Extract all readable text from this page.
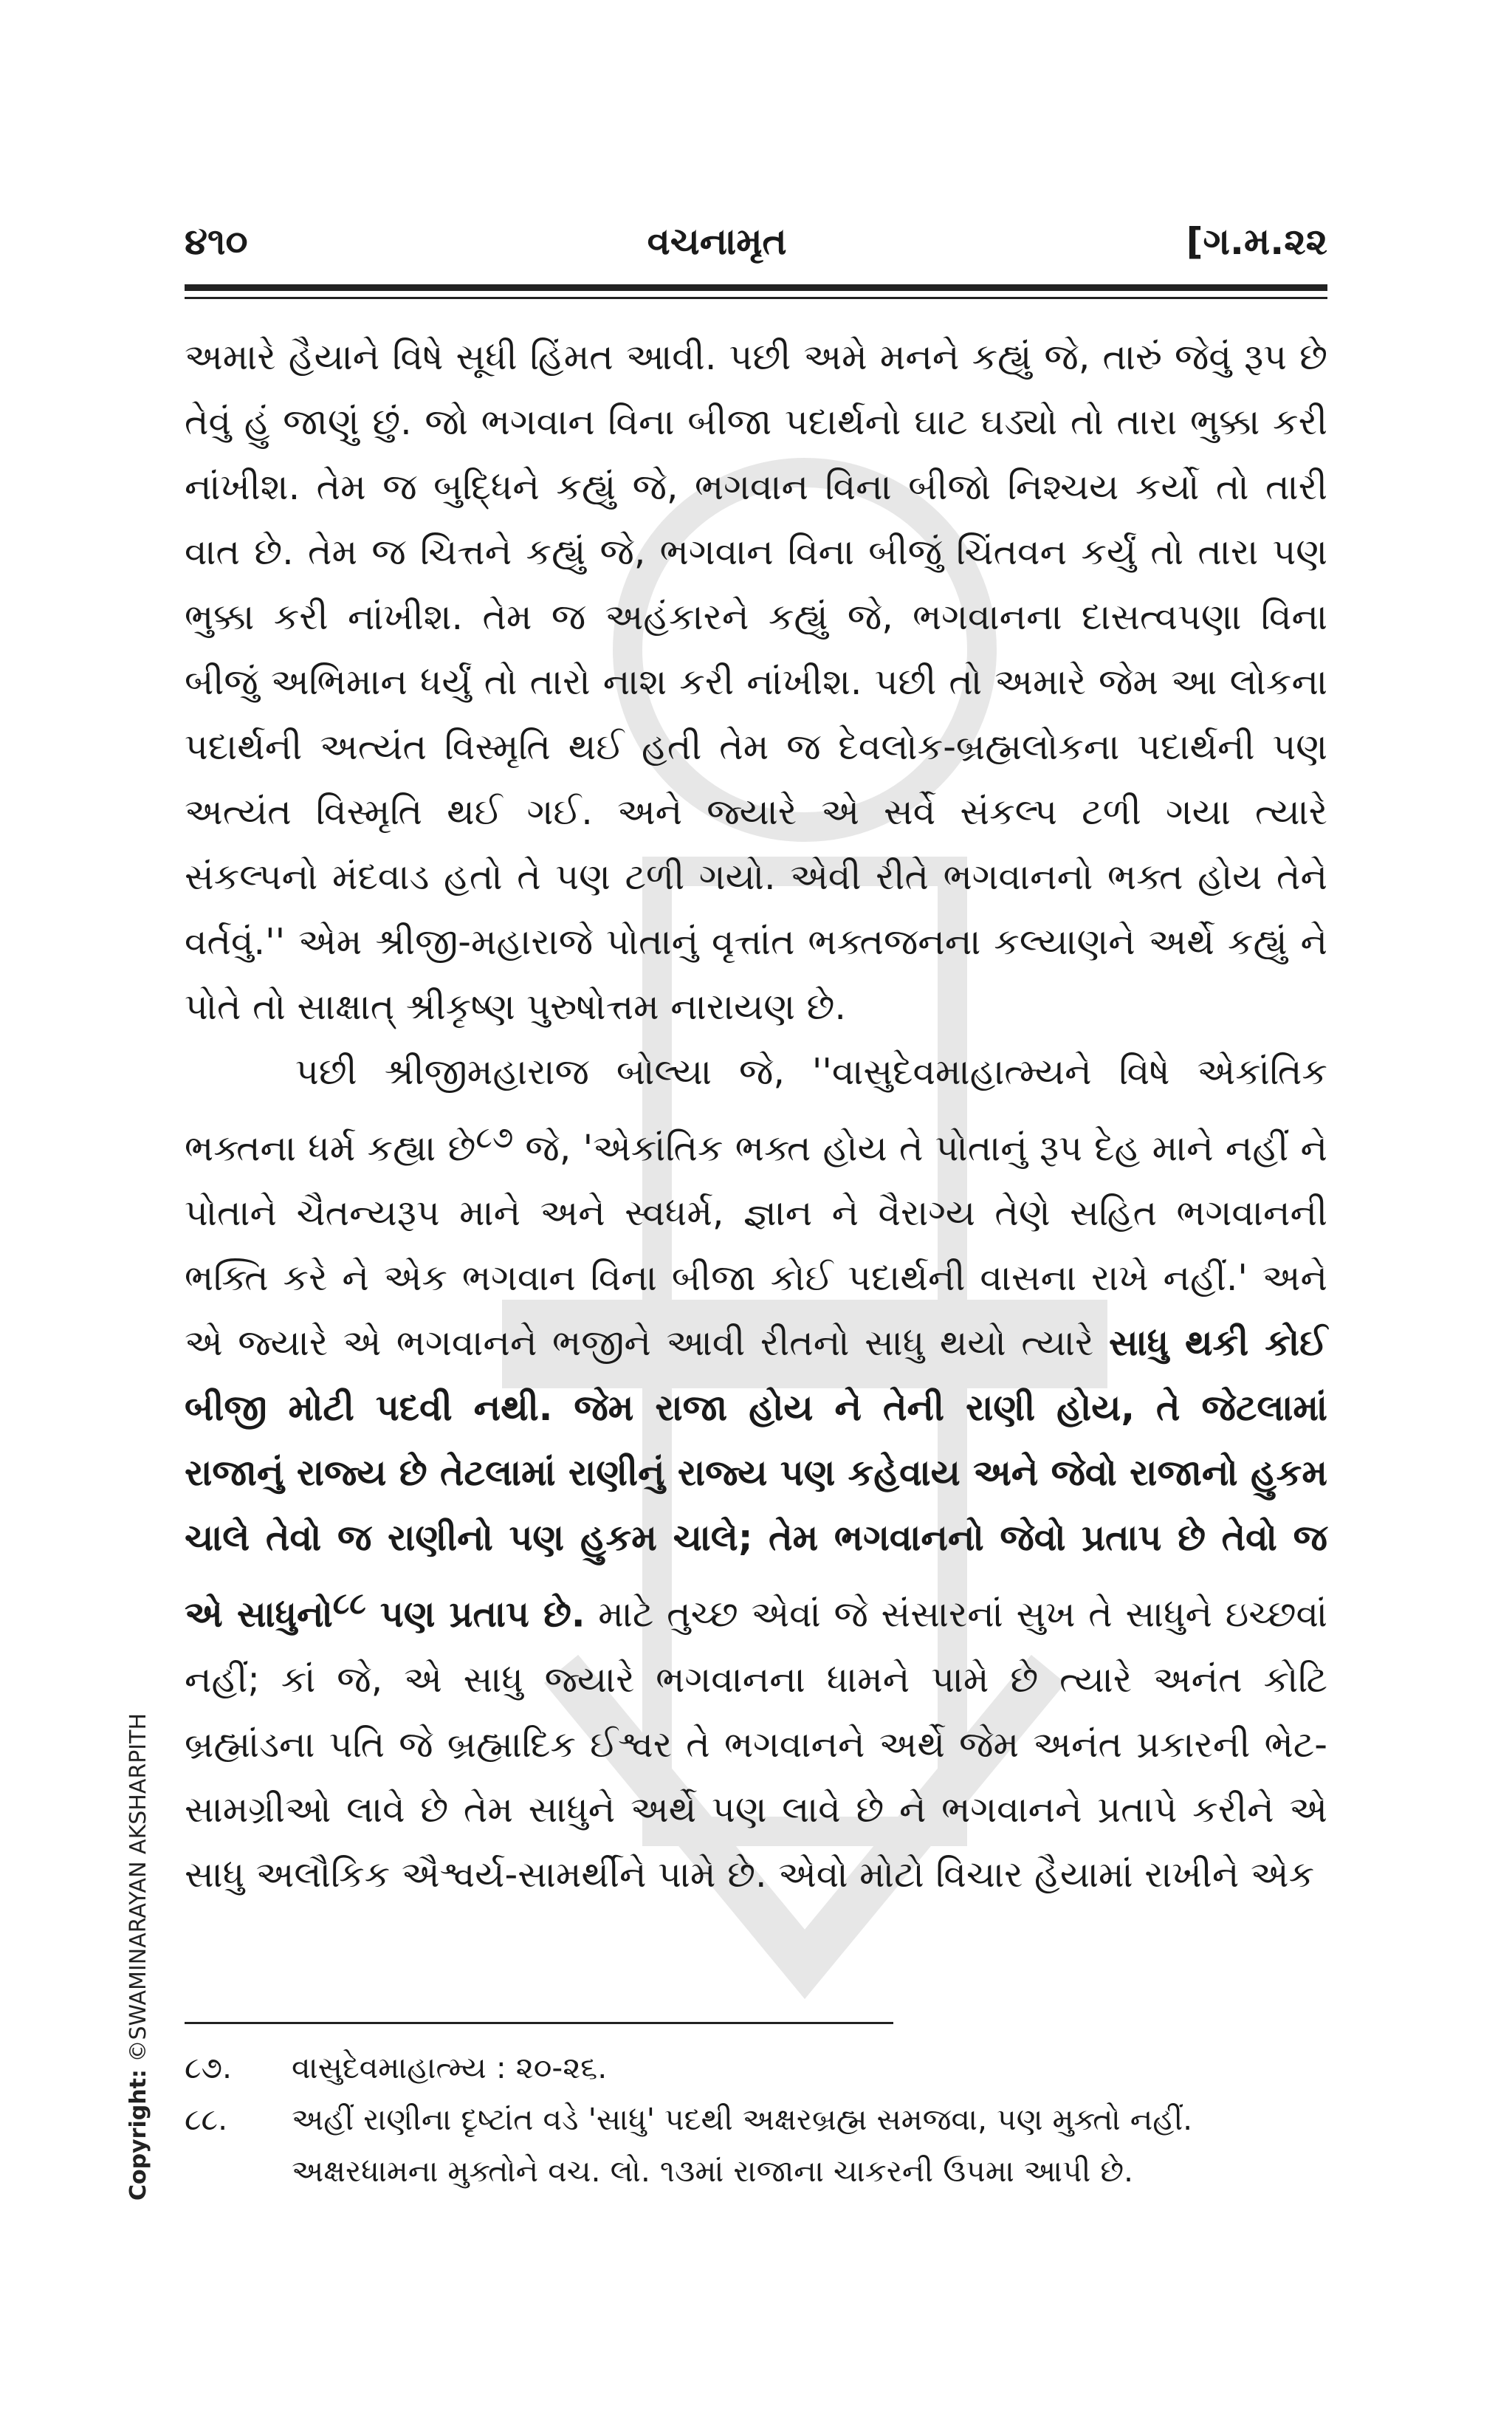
૪૧૦	વચનામૃત	[ગ.મ.૨૨

અમારે હૈયાને વિષે સૂધી હિંમત આવી. પછી અમે મનને કહ્યું જે, તારું જેવું રૂપ છે તેવું હું જાણું છું. જો ભગવાન વિના બીજા પદાર્થનો ઘાટ ઘડ્યો તો તારા ભુક્કા કરી નાંખીશ. તેમ જ બુદ્ધિને કહ્યું જે, ભગવાન વિના બીજો નિશ્ચય કર્યો તો તારી વાત છે. તેમ જ ચિત્તને કહ્યું જે, ભગવાન વિના બીજું ચિંતવન કર્યું તો તારા પણ ભુક્કા કરી નાંખીશ. તેમ જ અહંકારને કહ્યું જે, ભગવાનના દાસત્વપણા વિના બીજું અભિમાન ધર્યું તો તારો નાશ કરી નાંખીશ. પછી તો અમારે જેમ આ લોકના પદાર્થની અત્યંત વિસ્મૃતિ થઈ હતી તેમ જ દેવલોક-બ્રહ્મલોકના પદાર્થની પણ અત્યંત વિસ્મૃતિ થઈ ગઈ. અને જ્યારે એ સર્વે સંકલ્પ ટળી ગયા ત્યારે સંકલ્પનો મંદવાડ હતો તે પણ ટળી ગયો. એવી રીતે ભગવાનનો ભક્ત હોય તેને વર્તવું.'' એમ શ્રીજી-મહારાજે પોતાનું વૃત્તાંત ભક્તજનના કલ્યાણને અર્થે કહ્યું ને પોતે તો સાક્ષાત્ શ્રીકૃષ્ણ પુરુષોત્તમ નારાયણ છે.

પછી શ્રીજીમહારાજ બોલ્યા જે, ''વાસુદેવમાહાત્મ્યને વિષે એકાંતિક ભક્તના ધર્મ કહ્યા છે$^{૮૭}$ જે, 'એકાંતિક ભક્ત હોય તે પોતાનું રૂપ દેહ માને નહીં ને પોતાને ચૈતન્યરૂપ માને અને સ્વધર્મ, જ્ઞાન ને વૈરાગ્ય તેણે સહિત ભગવાનની ભક્તિ કરે ને એક ભગવાન વિના બીજા કોઈ પદાર્થની વાસના રાખે નહીં.' અને એ જ્યારે એ ભગવાનને ભજીને આવી રીતનો સાધુ થયો ત્યારે સાધુ થકી કોઈ બીજી મોટી પદવી નથી. જેમ રાજા હોય ને તેની રાણી હોય, તે જેટલામાં રાજાનું રાજ્ય છે તેટલામાં રાણીનું રાજ્ય પણ કહેવાય અને જેવો રાજાનો હુકમ ચાલે તેવો જ રાણીનો પણ હુકમ ચાલે; તેમ ભગવાનનો જેવો પ્રતાપ છે તેવો જ એ સાધુનો$^{૮૮}$ પણ પ્રતાપ છે. માટે તુચ્છ એવાં જે સંસારનાં સુખ તે સાધુને ઇચ્છવાં નહીં; કાં જે, એ સાધુ જ્યારે ભગવાનના ધામને પામે છે ત્યારે અનંત કોટિ બ્રહ્માંડના પતિ જે બ્રહ્માદિક ઈશ્વર તે ભગવાનને અર્થે જેમ અનંત પ્રકારની ભેટ-સામગ્રીઓ લાવે છે તેમ સાધુને અર્થે પણ લાવે છે ને ભગવાનને પ્રતાપે કરીને એ સાધુ અલૌકિક ઐશ્વર્ય-સામર્થીને પામે છે. એવો મોટો વિચાર હૈયામાં રાખીને એક

૮૭.	વાસુદેવમાહાત્મ્ય : ૨૦-૨૬.
૮૮.	અહીં રાણીના દૃષ્ટાંત વડે 'સાધુ' પદથી અક્ષરબ્રહ્મ સમજવા, પણ મુક્તો નહીં. અક્ષરધામના મુક્તોને વચ. લો. ૧૩માં રાજાના ચાકરની ઉપમા આપી છે.
Copyright: ©SWAMINARAYAN AKSHARPITH
